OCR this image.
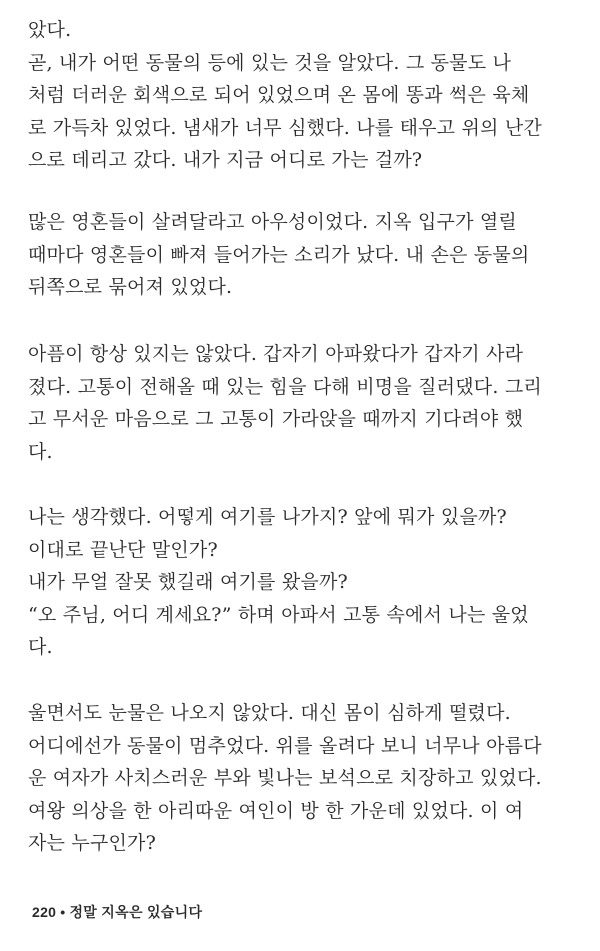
았다.
곧, 내가 어떤 동물의 등에 있는 것을 알았다. 그 동물도 나
처럼 더러운 회색으로 되어 있었으며 온 몸에 똥과 썩은 육체
로 가득차 있었다. 냄새가 너무 심했다. 나를 태우고 위의 난간
으로 데리고 갔다. 내가 지금 어디로 가는 걸까?
많은 영혼들이 살려달라고 아우성이었다. 지옥 입구가 열릴
때마다 영혼들이 빠져 들어가는 소리가 났다. 내 손은 동물의
뒤쪽으로 묶어져 있었다.
아픔이 항상 있지는 않았다. 갑자기 아파왔다가 갑자기 사라
졌다. 고통이 전해올 때 있는 힘을 다해 비명을 질러댔다. 그리
고 무서운 마음으로 그 고통이 가라앉을 때까지 기다려야 했
다.
나는 생각했다. 어떻게 여기를 나가지? 앞에 뭐가 있을까?
이대로 끝난단 말인가?
내가 무얼 잘못 했길래 여기를 왔을까?
“오 주님, 어디 계세요?” 하며 아파서 고통 속에서 나는 울었
다.
울면서도 눈물은 나오지 않았다. 대신 몸이 심하게 떨렸다.
어디에선가 동물이 멈추었다. 위를 올려다 보니 너무나 아름다
운 여자가 사치스러운 부와 빛나는 보석으로 치장하고 있었다.
여왕 의상을 한 아리따운 여인이 방 한 가운데 있었다. 이 여
자는 누구인가?
220 • 정말 지옥은 있습니다
